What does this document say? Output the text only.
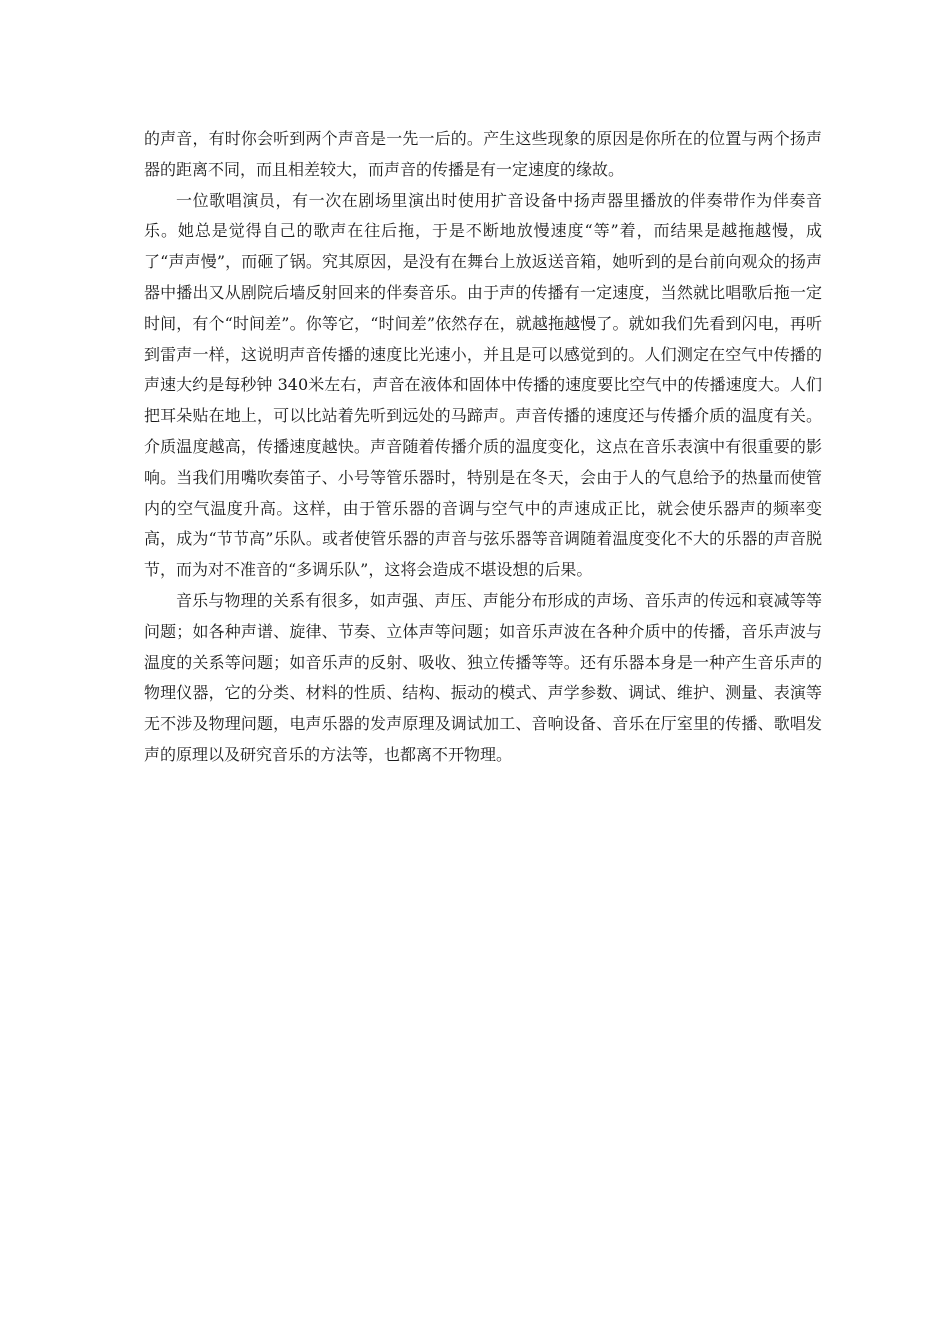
的声音，有时你会听到两个声音是一先一后的。产生这些现象的原因是你所在的位置与两个扬声器的距离不同，而且相差较大，而声音的传播是有一定速度的缘故。

一位歌唱演员，有一次在剧场里演出时使用扩音设备中扬声器里播放的伴奏带作为伴奏音乐。她总是觉得自己的歌声在往后拖，于是不断地放慢速度“等”着，而结果是越拖越慢，成了“声声慢”，而砸了锅。究其原因，是没有在舞台上放返送音箱，她听到的是台前向观众的扬声器中播出又从剧院后墙反射回来的伴奏音乐。由于声的传播有一定速度，当然就比唱歌后拖一定时间，有个“时间差”。你等它，“时间差”依然存在，就越拖越慢了。就如我们先看到闪电，再听到雷声一样，这说明声音传播的速度比光速小，并且是可以感觉到的。人们测定在空气中传播的声速大约是每秒钟 340米左右，声音在液体和固体中传播的速度要比空气中的传播速度大。人们把耳朵贴在地上，可以比站着先听到远处的马蹄声。声音传播的速度还与传播介质的温度有关。介质温度越高，传播速度越快。声音随着传播介质的温度变化，这点在音乐表演中有很重要的影响。当我们用嘴吹奏笛子、小号等管乐器时，特别是在冬天，会由于人的气息给予的热量而使管内的空气温度升高。这样，由于管乐器的音调与空气中的声速成正比，就会使乐器声的频率变高，成为“节节高”乐队。或者使管乐器的声音与弦乐器等音调随着温度变化不大的乐器的声音脱节，而为对不准音的“多调乐队”，这将会造成不堪设想的后果。

音乐与物理的关系有很多，如声强、声压、声能分布形成的声场、音乐声的传远和衰减等等问题；如各种声谱、旋律、节奏、立体声等问题；如音乐声波在各种介质中的传播，音乐声波与温度的关系等问题；如音乐声的反射、吸收、独立传播等等。还有乐器本身是一种产生音乐声的物理仪器，它的分类、材料的性质、结构、振动的模式、声学参数、调试、维护、测量、表演等无不涉及物理问题，电声乐器的发声原理及调试加工、音响设备、音乐在厅室里的传播、歌唱发声的原理以及研究音乐的方法等，也都离不开物理。
